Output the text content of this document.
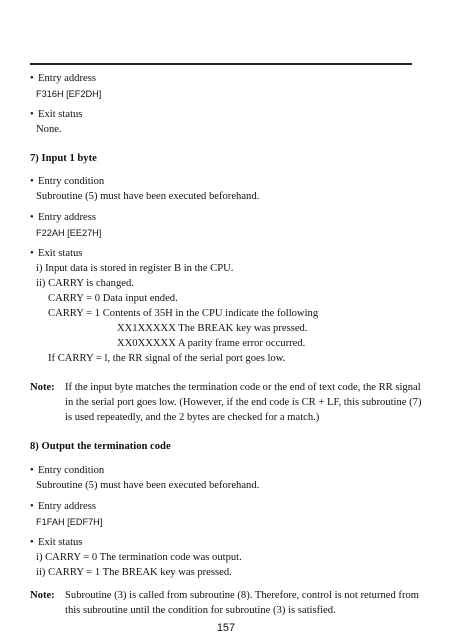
• Entry address
F316H [EF2DH]
• Exit status
None.
7) Input 1 byte
• Entry condition
Subroutine (5) must have been executed beforehand.
• Entry address
F22AH [EE27H]
• Exit status
i) Input data is stored in register B in the CPU.
ii) CARRY is changed.
CARRY = 0 Data input ended.
CARRY = 1 Contents of 35H in the CPU indicate the following
XX1XXXXX The BREAK key was pressed.
XX0XXXXX A parity frame error occurred.
If CARRY = l, the RR signal of the serial port goes low.
Note: If the input byte matches the termination code or the end of text code, the RR signal
in the serial port goes low. (However, if the end code is CR + LF, this subroutine (7)
is used repeatedly, and the 2 bytes are checked for a match.)
8) Output the termination code
• Entry condition
Subroutine (5) must have been executed beforehand.
• Entry address
F1FAH [EDF7H]
• Exit status
i) CARRY = 0 The termination code was output.
ii) CARRY = 1 The BREAK key was pressed.
Note: Subroutine (3) is called from subroutine (8). Therefore, control is not returned from
this subroutine until the condition for subroutine (3) is satisfied.
157
